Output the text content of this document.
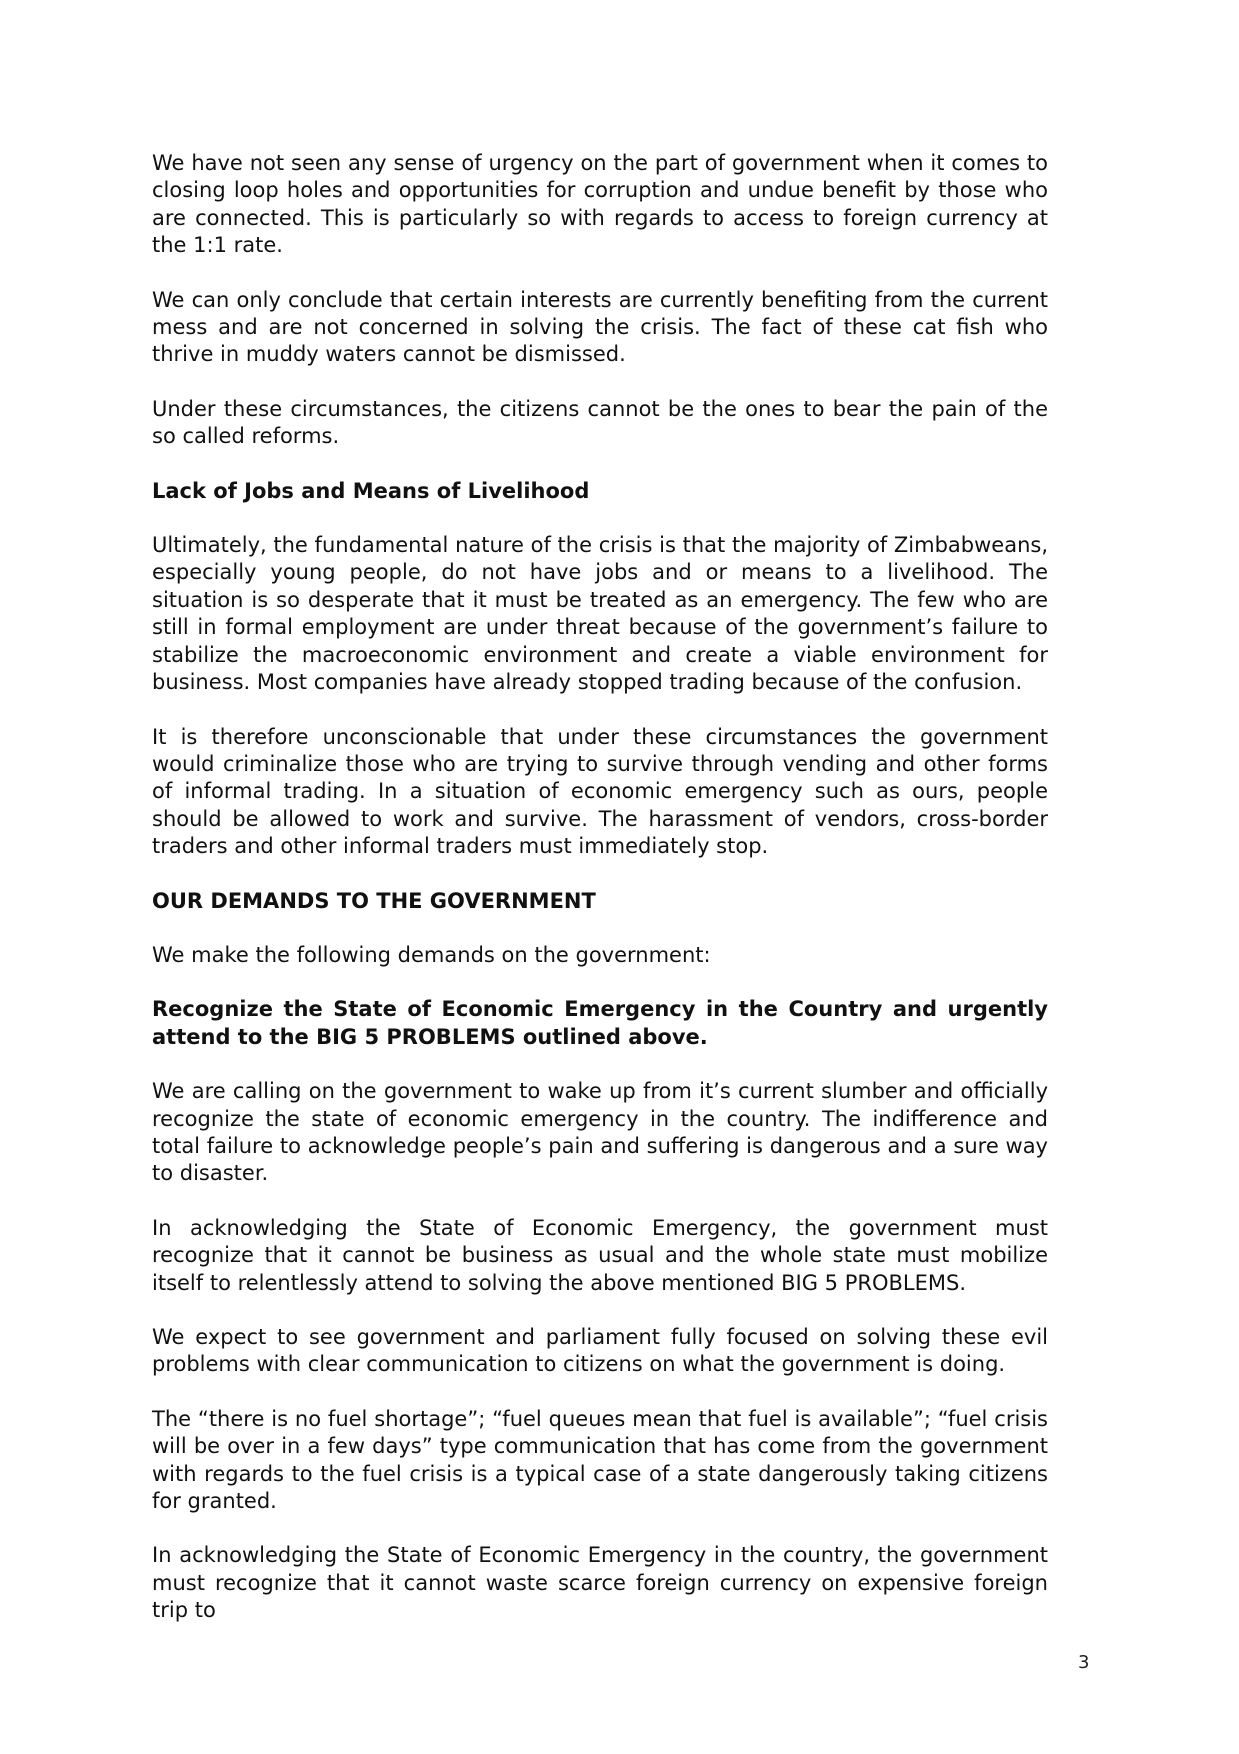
We have not seen any sense of urgency on the part of government when it comes to closing loop holes and opportunities for corruption and undue benefit by those who are connected. This is particularly so with regards to access to foreign currency at the 1:1 rate.

We can only conclude that certain interests are currently benefiting from the current mess and are not concerned in solving the crisis. The fact of these cat fish who thrive in muddy waters cannot be dismissed.

Under these circumstances, the citizens cannot be the ones to bear the pain of the so called reforms.

Lack of Jobs and Means of Livelihood

Ultimately, the fundamental nature of the crisis is that the majority of Zimbabweans, especially young people, do not have jobs and or means to a livelihood. The situation is so desperate that it must be treated as an emergency. The few who are still in formal employment are under threat because of the government’s failure to stabilize the macroeconomic environment and create a viable environment for business. Most companies have already stopped trading because of the confusion.

It is therefore unconscionable that under these circumstances the government would criminalize those who are trying to survive through vending and other forms of informal trading. In a situation of economic emergency such as ours, people should be allowed to work and survive. The harassment of vendors, cross-border traders and other informal traders must immediately stop.

OUR DEMANDS TO THE GOVERNMENT

We make the following demands on the government:

Recognize the State of Economic Emergency in the Country and urgently attend to the BIG 5 PROBLEMS outlined above.

We are calling on the government to wake up from it’s current slumber and officially recognize the state of economic emergency in the country. The indifference and total failure to acknowledge people’s pain and suffering is dangerous and a sure way to disaster.

In acknowledging the State of Economic Emergency, the government must recognize that it cannot be business as usual and the whole state must mobilize itself to relentlessly attend to solving the above mentioned BIG 5 PROBLEMS.

We expect to see government and parliament fully focused on solving these evil problems with clear communication to citizens on what the government is doing.

The “there is no fuel shortage”; “fuel queues mean that fuel is available”; “fuel crisis will be over in a few days” type communication that has come from the government with regards to the fuel crisis is a typical case of a state dangerously taking citizens for granted.

In acknowledging the State of Economic Emergency in the country, the government must recognize that it cannot waste scarce foreign currency on expensive foreign trip to

3
